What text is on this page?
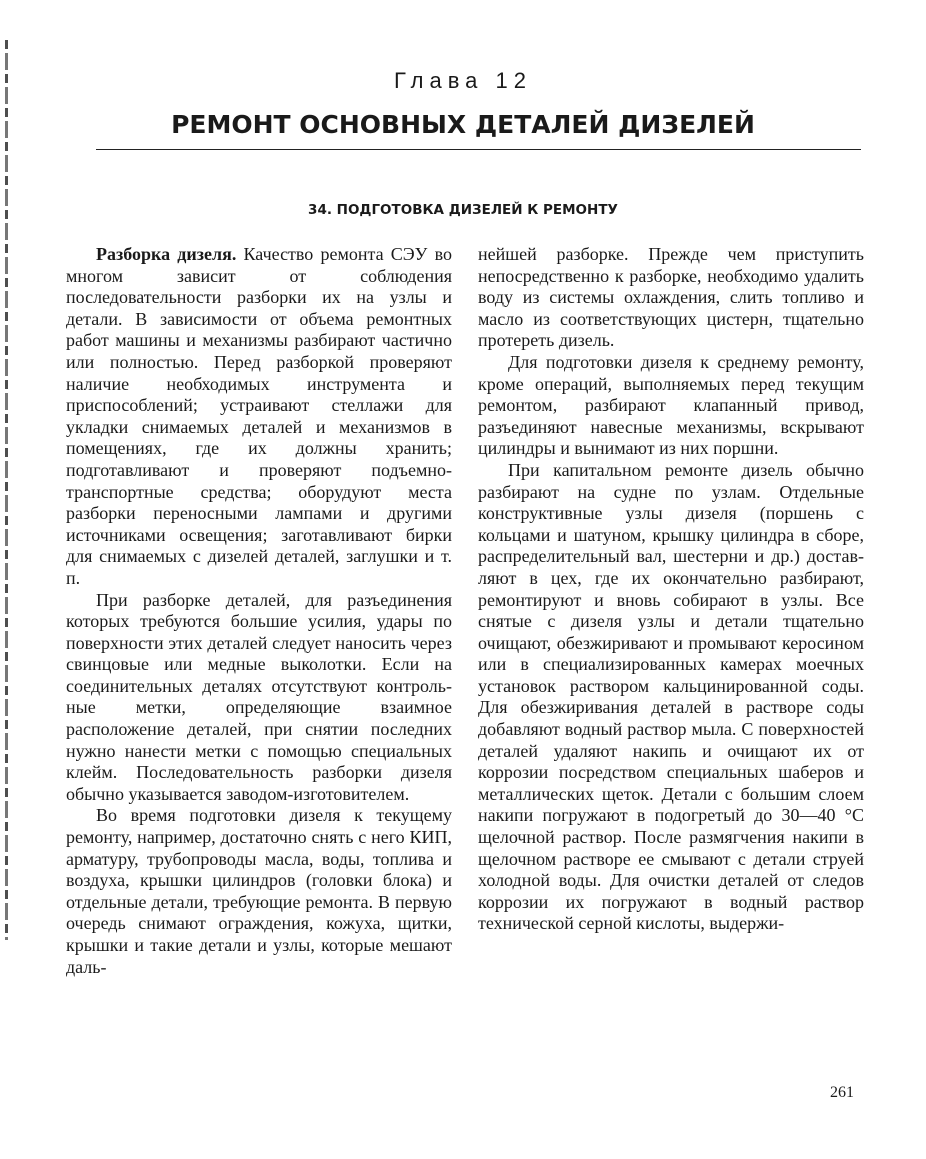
Глава 12
РЕМОНТ ОСНОВНЫХ ДЕТАЛЕЙ ДИЗЕЛЕЙ
34. ПОДГОТОВКА ДИЗЕЛЕЙ К РЕМОНТУ

Разборка дизеля. Качество ремонта СЭУ во многом зависит от соблюдения последовательности разборки их на узлы и детали. В зависимости от объема ремонтных работ машины и механизмы разбирают частично или полностью. Перед разборкой проверяют наличие необходимых инструмента и приспособлений; устраивают стеллажи для укладки снимаемых деталей и механизмов в помещениях, где их должны хранить; подготавливают и проверяют подъемно-транспортные средства; оборудуют места разборки переносными лампами и другими источниками освещения; заготавливают бирки для снимаемых с дизелей деталей, заглушки и т. п.

При разборке деталей, для разъединения которых требуются большие усилия, удары по поверхности этих деталей следует наносить через свинцовые или медные выколотки. Если на соединительных деталях отсутствуют контрольные метки, определяющие взаимное расположение деталей, при снятии последних нужно нанести метки с помощью специальных клейм. Последовательность разборки дизеля обычно указывается заводом-изготовителем.

Во время подготовки дизеля к текущему ремонту, например, достаточно снять с него КИП, арматуру, трубопроводы масла, воды, топлива и воздуха, крышки цилиндров (головки блока) и отдельные детали, требующие ремонта. В первую очередь снимают ограждения, кожуха, щитки, крышки и такие детали и узлы, которые мешают даль-

нейшей разборке. Прежде чем приступить непосредственно к разборке, необходимо удалить воду из системы охлаждения, слить топливо и масло из соответствующих цистерн, тщательно протереть дизель.

Для подготовки дизеля к среднему ремонту, кроме операций, выполняемых перед текущим ремонтом, разбирают клапанный привод, разъединяют навесные механизмы, вскрывают цилиндры и вынимают из них поршни.

При капитальном ремонте дизель обычно разбирают на судне по узлам. Отдельные конструктивные узлы дизеля (поршень с кольцами и шатуном, крышку цилиндра в сборе, распределительный вал, шестерни и др.) доставляют в цех, где их окончательно разбирают, ремонтируют и вновь собирают в узлы. Все снятые с дизеля узлы и детали тщательно очищают, обезжиривают и промывают керосином или в специализированных камерах моечных установок раствором кальцинированной соды. Для обезжиривания деталей в растворе соды добавляют водный раствор мыла. С поверхностей деталей удаляют накипь и очищают их от коррозии посредством специальных шаберов и металлических щеток. Детали с большим слоем накипи погружают в подогретый до 30—40 °С щелочной раствор. После размягчения накипи в щелочном растворе ее смывают с детали струей холодной воды. Для очистки деталей от следов коррозии их погружают в водный раствор технической серной кислоты, выдержи-

261
